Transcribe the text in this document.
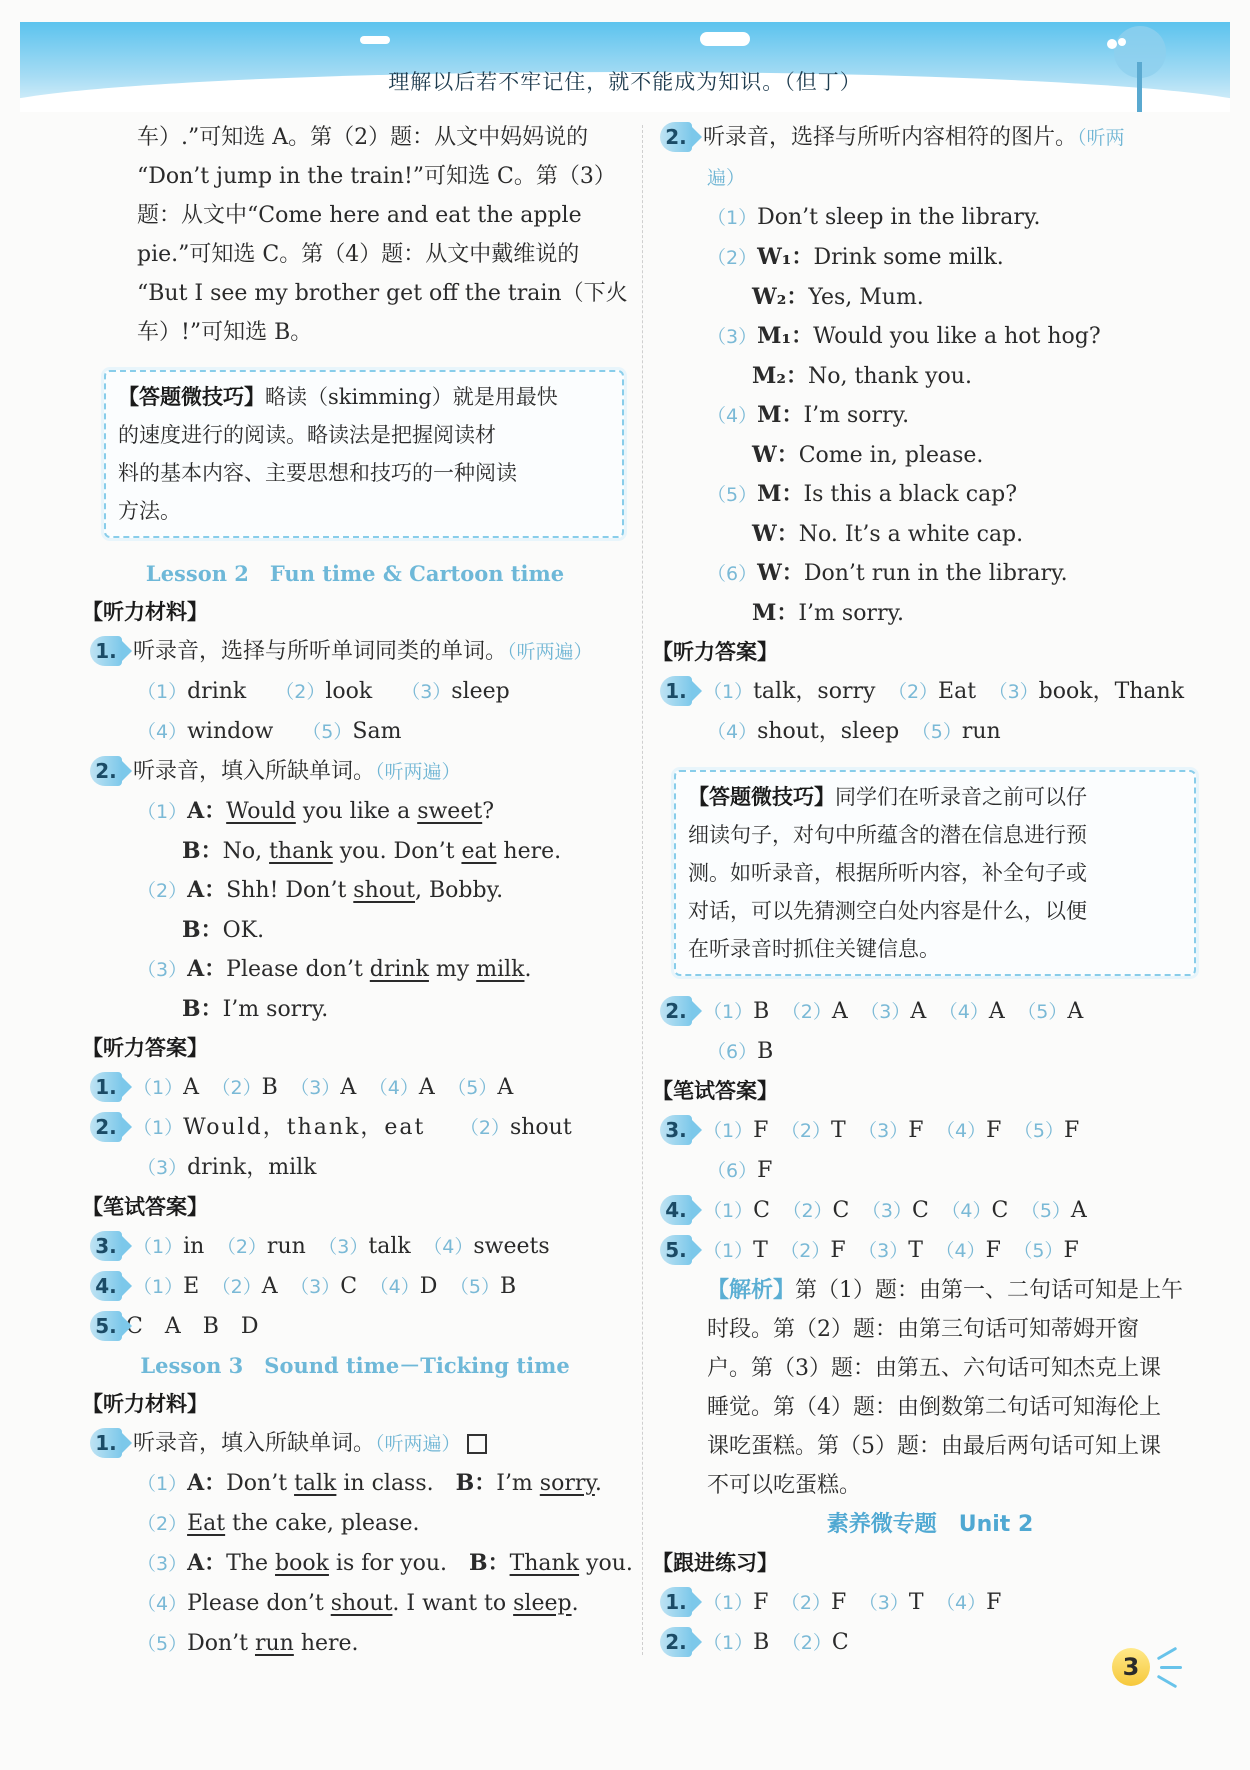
理解以后若不牢记住，就不能成为知识。（但丁）
车）.”可知选 A。第（2）题：从文中妈妈说的
“Don’t jump in the train!”可知选 C。第（3）
题：从文中“Come here and eat the apple
pie.”可知选 C。第（4）题：从文中戴维说的
“But I see my brother get off the train（下火
车）!”可知选 B。
【答题微技巧】略读（skimming）就是用最快
的速度进行的阅读。略读法是把握阅读材
料的基本内容、主要思想和技巧的一种阅读
方法。
Lesson 2　Fun time & Cartoon time
【听力材料】
1. 听录音，选择与所听单词同类的单词。（听两遍）
（1）drink　 （2）look　 （3）sleep
（4）window　 （5）Sam
2. 听录音，填入所缺单词。（听两遍）
（1）A：Would you like a sweet?
B：No, thank you. Don’t eat here.
（2）A：Shh! Don’t shout, Bobby.
B：OK.
（3）A：Please don’t drink my milk.
B：I’m sorry.
【听力答案】
1. （1）A　 （2）B　 （3）A　 （4）A　 （5）A
2. （1）Would，thank，eat　　 （2）shout
（3）drink，milk
【笔试答案】
3. （1）in　 （2）run　 （3）talk　 （4）sweets
4. （1）E　 （2）A　 （3）C　 （4）D　 （5）B
5. C　A　B　D
Lesson 3　Sound time－Ticking time
【听力材料】
1. 听录音，填入所缺单词。（听两遍）
（1）A：Don’t talk in class.　B：I’m sorry.
（2）Eat the cake, please.
（3）A：The book is for you.　B：Thank you.
（4）Please don’t shout. I want to sleep.
（5）Don’t run here.
2. 听录音，选择与所听内容相符的图片。（听两
遍）
（1）Don’t sleep in the library.
（2）W₁：Drink some milk.
W₂：Yes, Mum.
（3）M₁：Would you like a hot hog?
M₂：No, thank you.
（4）M：I’m sorry.
W：Come in, please.
（5）M：Is this a black cap?
W：No. It’s a white cap.
（6）W：Don’t run in the library.
M：I’m sorry.
【听力答案】
1. （1）talk，sorry　 （2）Eat　 （3）book，Thank
（4）shout，sleep　 （5）run
【答题微技巧】同学们在听录音之前可以仔
细读句子，对句中所蕴含的潜在信息进行预
测。如听录音，根据所听内容，补全句子或
对话，可以先猜测空白处内容是什么，以便
在听录音时抓住关键信息。
2. （1）B　 （2）A　 （3）A　 （4）A　 （5）A
（6）B
【笔试答案】
3. （1）F　 （2）T　 （3）F　 （4）F　 （5）F
（6）F
4. （1）C　 （2）C　 （3）C　 （4）C　 （5）A
5. （1）T　 （2）F　 （3）T　 （4）F　 （5）F
【解析】第（1）题：由第一、二句话可知是上午
时段。第（2）题：由第三句话可知蒂姆开窗
户。第（3）题：由第五、六句话可知杰克上课
睡觉。第（4）题：由倒数第二句话可知海伦上
课吃蛋糕。第（5）题：由最后两句话可知上课
不可以吃蛋糕。
素养微专题　Unit 2
【跟进练习】
1. （1）F　 （2）F　 （3）T　 （4）F
2. （1）B　 （2）C
3
